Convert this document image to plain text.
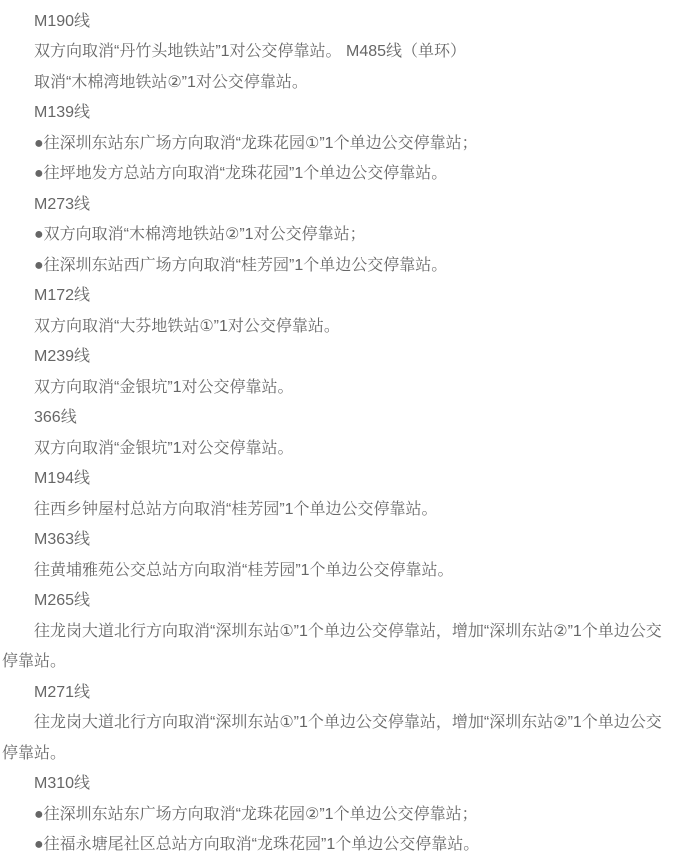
M190线

双方向取消“丹竹头地铁站”1对公交停靠站。 M485线（单环）

取消“木棉湾地铁站②”1对公交停靠站。

M139线

●往深圳东站东广场方向取消“龙珠花园①”1个单边公交停靠站；

●往坪地发方总站方向取消“龙珠花园”1个单边公交停靠站。

M273线

●双方向取消“木棉湾地铁站②”1对公交停靠站；

●往深圳东站西广场方向取消“桂芳园”1个单边公交停靠站。

M172线

双方向取消“大芬地铁站①”1对公交停靠站。

M239线

双方向取消“金银坑”1对公交停靠站。

366线

双方向取消“金银坑”1对公交停靠站。

M194线

往西乡钟屋村总站方向取消“桂芳园”1个单边公交停靠站。

M363线

往黄埔雅苑公交总站方向取消“桂芳园”1个单边公交停靠站。

M265线

往龙岗大道北行方向取消“深圳东站①”1个单边公交停靠站，增加“深圳东站②”1个单边公交停靠站。

M271线

往龙岗大道北行方向取消“深圳东站①”1个单边公交停靠站，增加“深圳东站②”1个单边公交停靠站。

M310线

●往深圳东站东广场方向取消“龙珠花园②”1个单边公交停靠站；

●往福永塘尾社区总站方向取消“龙珠花园”1个单边公交停靠站。
